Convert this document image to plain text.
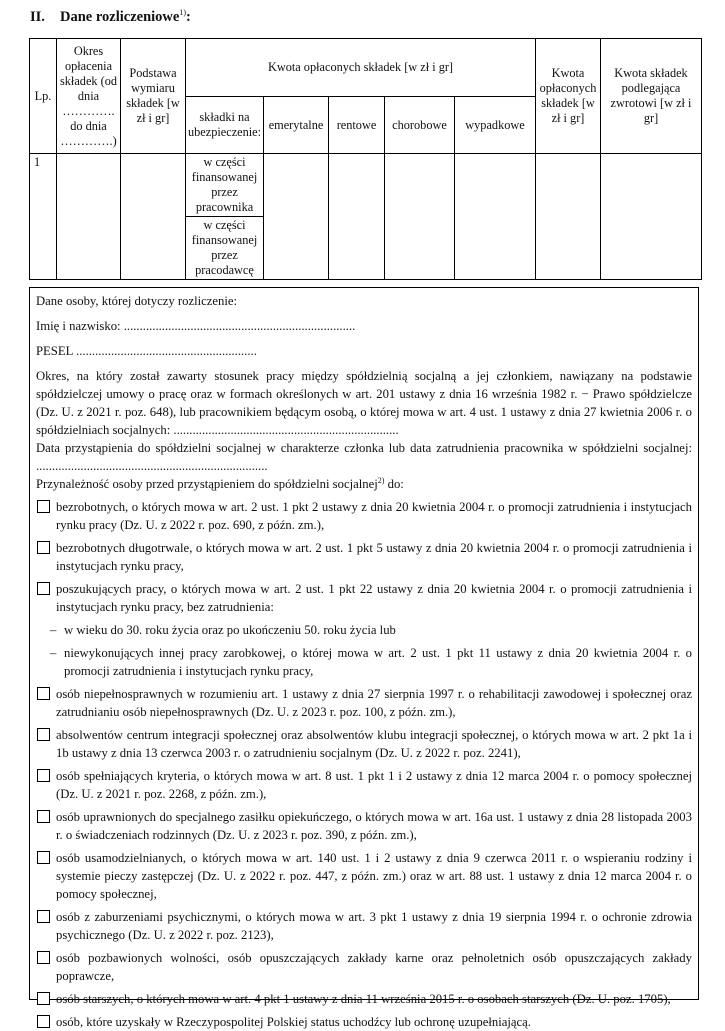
II. Dane rozliczeniowe$^{1)}$:
Lp.	Okres opłacenia składek (od dnia …………. do dnia ………….)	Podstawa wymiaru składek [w zł i gr]	Kwota opłaconych składek [w zł i gr]					Kwota opłaconych składek [w zł i gr]	Kwota składek podlegająca zwrotowi [w zł i gr]
			składki na ubezpieczenie:	emerytalne	rentowe	chorobowe	wypadkowe		
1			w części finansowanej przez pracownika						
			w części finansowanej przez pracodawcę						

Dane osoby, której dotyczy rozliczenie:

Imię i nazwisko: .........................................................................

PESEL .........................................................

Okres, na który został zawarty stosunek pracy między spółdzielnią socjalną a jej członkiem, nawiązany na podstawie spółdzielczej umowy o pracę oraz w formach określonych w art. 201 ustawy z dnia 16 września 1982 r. − Prawo spółdzielcze (Dz. U. z 2021 r. poz. 648), lub pracownikiem będącym osobą, o której mowa w art. 4 ust. 1 ustawy z dnia 27 kwietnia 2006 r. o spółdzielniach socjalnych: .......................................................................

Data przystąpienia do spółdzielni socjalnej w charakterze członka lub data zatrudnienia pracownika w spółdzielni socjalnej: .........................................................................

Przynależność osoby przed przystąpieniem do spółdzielni socjalnej$^{2)}$ do:

bezrobotnych, o których mowa w art. 2 ust. 1 pkt 2 ustawy z dnia 20 kwietnia 2004 r. o promocji zatrudnienia i instytucjach rynku pracy (Dz. U. z 2022 r. poz. 690, z późn. zm.),
bezrobotnych długotrwale, o których mowa w art. 2 ust. 1 pkt 5 ustawy z dnia 20 kwietnia 2004 r. o promocji zatrudnienia i instytucjach rynku pracy,
poszukujących pracy, o których mowa w art. 2 ust. 1 pkt 22 ustawy z dnia 20 kwietnia 2004 r. o promocji zatrudnienia i instytucjach rynku pracy, bez zatrudnienia:
– w wieku do 30. roku życia oraz po ukończeniu 50. roku życia lub
– niewykonujących innej pracy zarobkowej, o której mowa w art. 2 ust. 1 pkt 11 ustawy z dnia 20 kwietnia 2004 r. o promocji zatrudnienia i instytucjach rynku pracy,
osób niepełnosprawnych w rozumieniu art. 1 ustawy z dnia 27 sierpnia 1997 r. o rehabilitacji zawodowej i społecznej oraz zatrudnianiu osób niepełnosprawnych (Dz. U. z 2023 r. poz. 100, z późn. zm.),
absolwentów centrum integracji społecznej oraz absolwentów klubu integracji społecznej, o których mowa w art. 2 pkt 1a i 1b ustawy z dnia 13 czerwca 2003 r. o zatrudnieniu socjalnym (Dz. U. z 2022 r. poz. 2241),
osób spełniających kryteria, o których mowa w art. 8 ust. 1 pkt 1 i 2 ustawy z dnia 12 marca 2004 r. o pomocy społecznej (Dz. U. z 2021 r. poz. 2268, z późn. zm.),
osób uprawnionych do specjalnego zasiłku opiekuńczego, o których mowa w art. 16a ust. 1 ustawy z dnia 28 listopada 2003 r. o świadczeniach rodzinnych (Dz. U. z 2023 r. poz. 390, z późn. zm.),
osób usamodzielnianych, o których mowa w art. 140 ust. 1 i 2 ustawy z dnia 9 czerwca 2011 r. o wspieraniu rodziny i systemie pieczy zastępczej (Dz. U. z 2022 r. poz. 447, z późn. zm.) oraz w art. 88 ust. 1 ustawy z dnia 12 marca 2004 r. o pomocy społecznej,
osób z zaburzeniami psychicznymi, o których mowa w art. 3 pkt 1 ustawy z dnia 19 sierpnia 1994 r. o ochronie zdrowia psychicznego (Dz. U. z 2022 r. poz. 2123),
osób pozbawionych wolności, osób opuszczających zakłady karne oraz pełnoletnich osób opuszczających zakłady poprawcze,
osób starszych, o których mowa w art. 4 pkt 1 ustawy z dnia 11 września 2015 r. o osobach starszych (Dz. U. poz. 1705),
osób, które uzyskały w Rzeczypospolitej Polskiej status uchodźcy lub ochronę uzupełniającą.
